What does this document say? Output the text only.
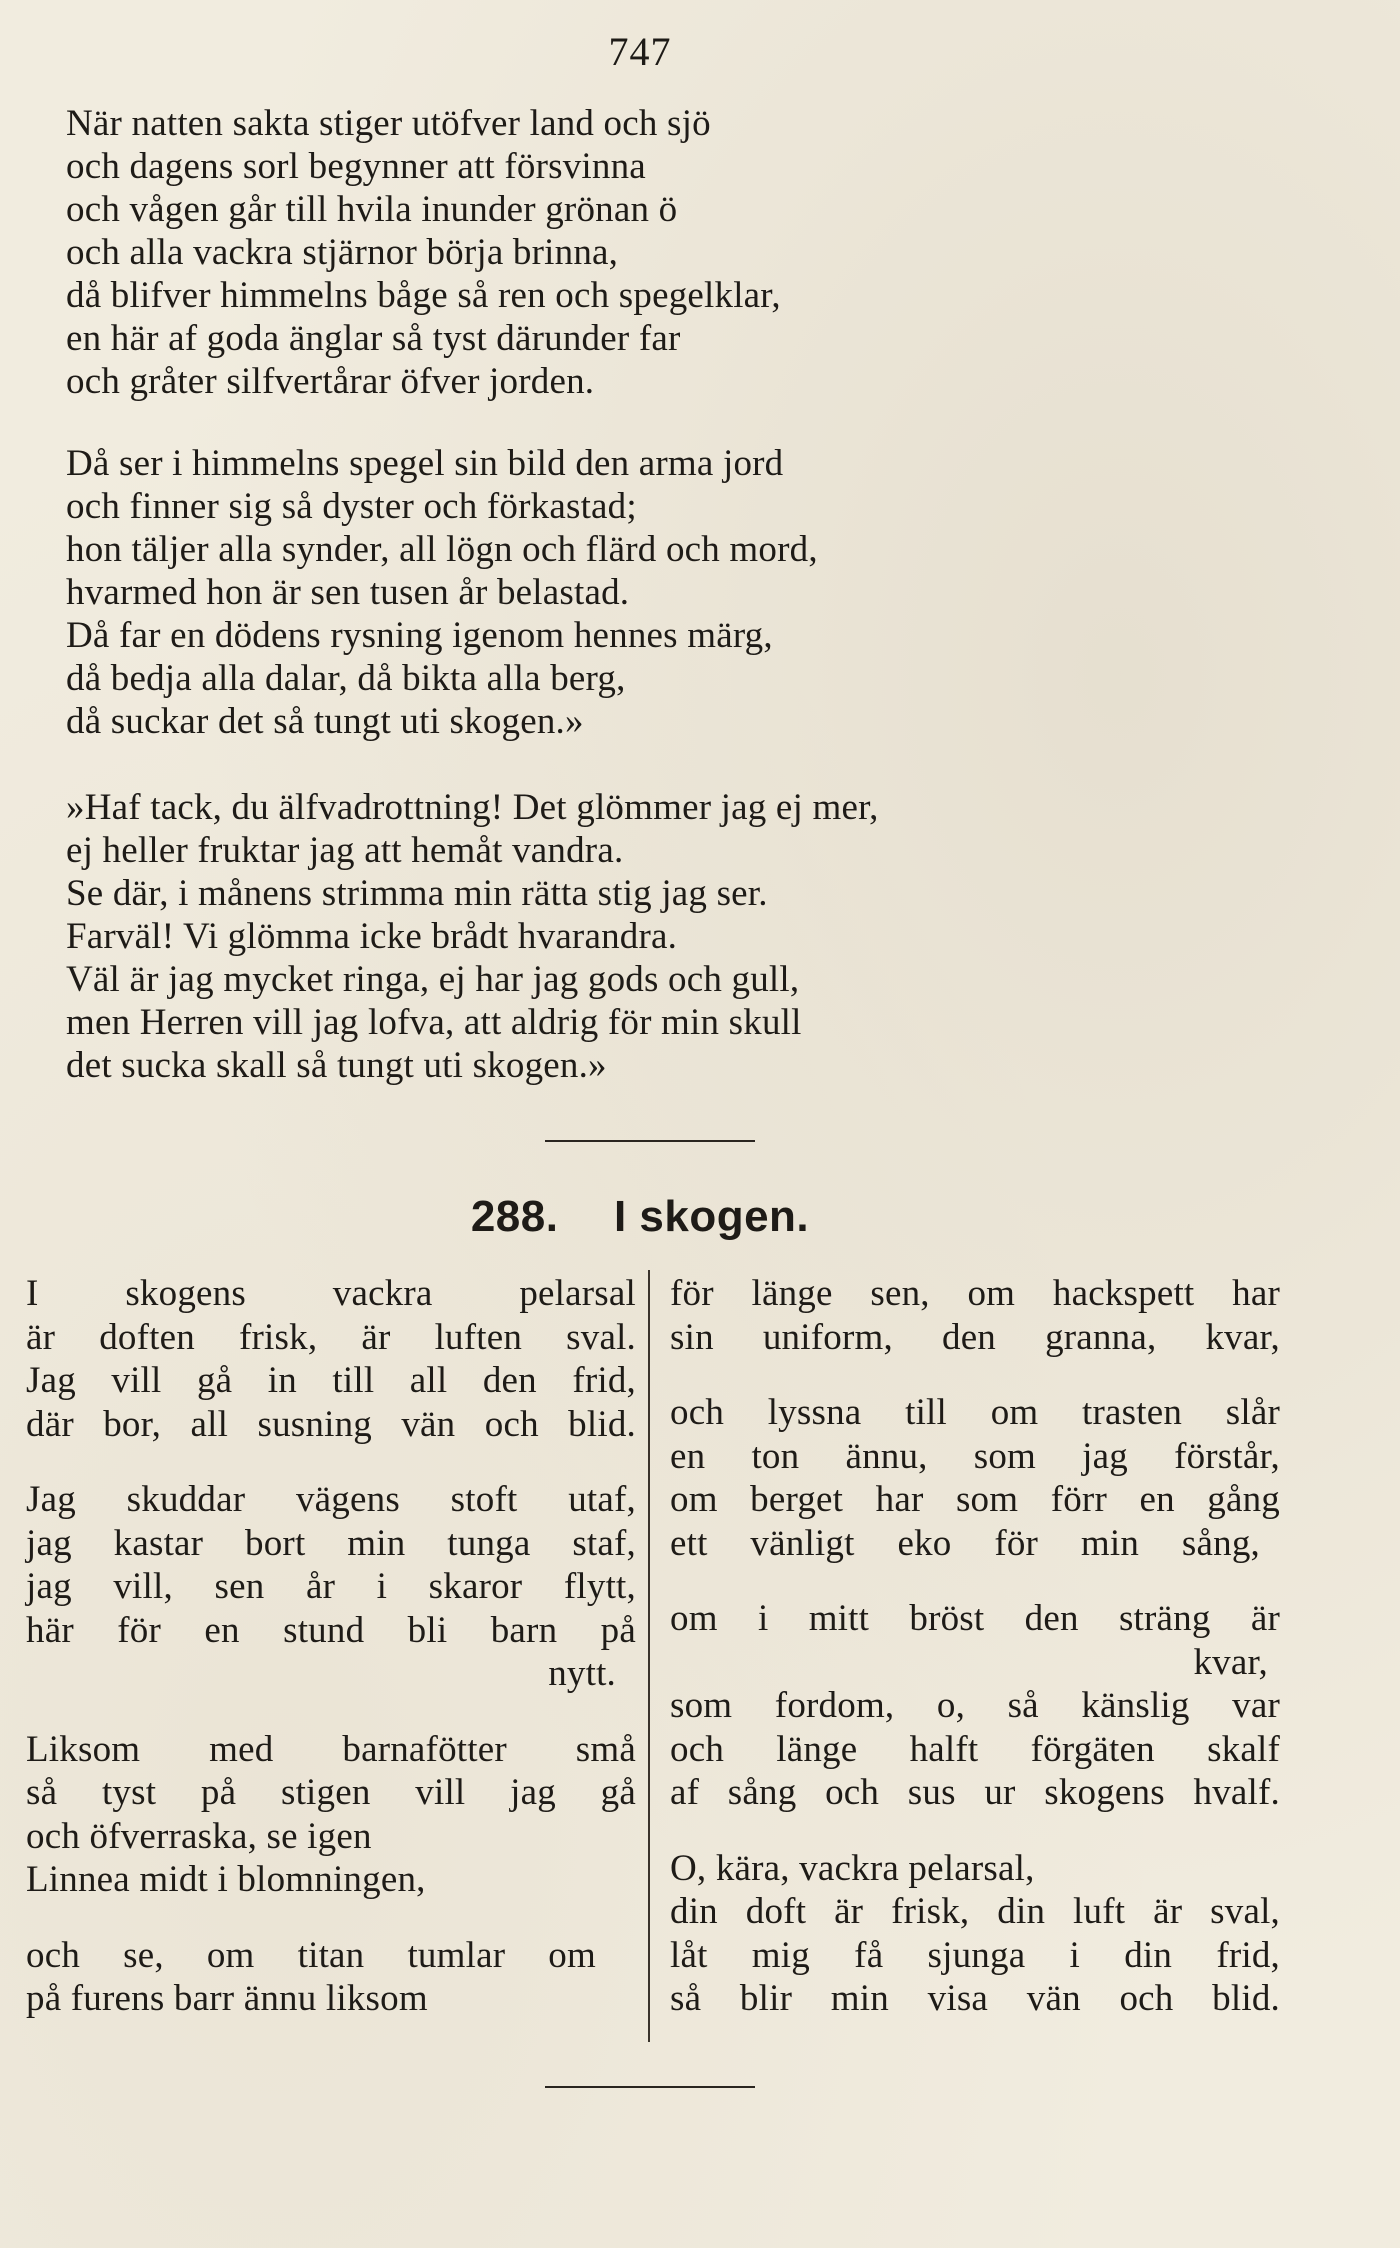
747
När natten sakta stiger utöfver land och sjö
och dagens sorl begynner att försvinna
och vågen går till hvila inunder grönan ö
och alla vackra stjärnor börja brinna,
då blifver himmelns båge så ren och spegelklar,
en här af goda änglar så tyst därunder far
och gråter silfvertårar öfver jorden.
Då ser i himmelns spegel sin bild den arma jord
och finner sig så dyster och förkastad;
hon täljer alla synder, all lögn och flärd och mord,
hvarmed hon är sen tusen år belastad.
Då far en dödens rysning igenom hennes märg,
då bedja alla dalar, då bikta alla berg,
då suckar det så tungt uti skogen.»
»Haf tack, du älfvadrottning! Det glömmer jag ej mer,
ej heller fruktar jag att hemåt vandra.
Se där, i månens strimma min rätta stig jag ser.
Farväl! Vi glömma icke brådt hvarandra.
Väl är jag mycket ringa, ej har jag gods och gull,
men Herren vill jag lofva, att aldrig för min skull
det sucka skall så tungt uti skogen.»
288. I skogen.
I skogens vackra pelarsal
är doften frisk, är luften sval.
Jag vill gå in till all den frid,
där bor, all susning vän och blid.
Jag skuddar vägens stoft utaf,
jag kastar bort min tunga staf,
jag vill, sen år i skaror flytt,
här för en stund bli barn på
nytt.
Liksom med barnafötter små
så tyst på stigen vill jag gå
och öfverraska, se igen
Linnea midt i blomningen,
och se, om titan tumlar om
på furens barr ännu liksom
för länge sen, om hackspett har
sin uniform, den granna, kvar,
och lyssna till om trasten slår
en ton ännu, som jag förstår,
om berget har som förr en gång
ett vänligt eko för min sång,
om i mitt bröst den sträng är
kvar,
som fordom, o, så känslig var
och länge halft förgäten skalf
af sång och sus ur skogens hvalf.
O, kära, vackra pelarsal,
din doft är frisk, din luft är sval,
låt mig få sjunga i din frid,
så blir min visa vän och blid.
